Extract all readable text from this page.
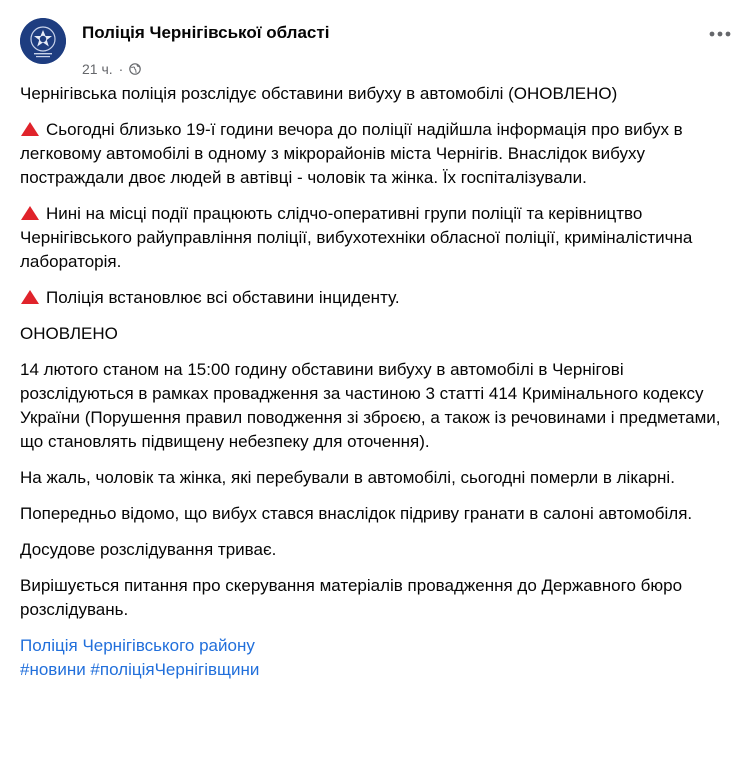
Поліція Чернігівської області
21 ч. ·

Чернігівська поліція розслідує обставини вибуху в автомобілі (ОНОВЛЕНО)

Сьогодні близько 19-ї години вечора до поліції надійшла інформація про вибух в легковому автомобілі в одному з мікрорайонів міста Чернігів. Внаслідок вибуху постраждали двоє людей в автівці - чоловік та жінка. Їх госпіталізували.

Нині на місці події працюють слідчо-оперативні групи поліції та керівництво Чернігівського райуправління поліції, вибухотехніки обласної поліції, криміналістична лабораторія.

Поліція встановлює всі обставини інциденту.

ОНОВЛЕНО

14 лютого станом на 15:00 годину обставини вибуху в автомобілі в Чернігові розслідуються в рамках провадження за частиною 3 статті 414 Кримінального кодексу України (Порушення правил поводження зі зброєю, а також із речовинами і предметами, що становлять підвищену небезпеку для оточення).

На жаль, чоловік та жінка, які перебували в автомобілі, сьогодні померли в лікарні.

Попередньо відомо, що вибух стався внаслідок підриву гранати в салоні автомобіля.

Досудове розслідування триває.

Вирішується питання про скерування матеріалів провадження до Державного бюро розслідувань.

Поліція Чернігівського району
#новини #поліціяЧернігівщини
